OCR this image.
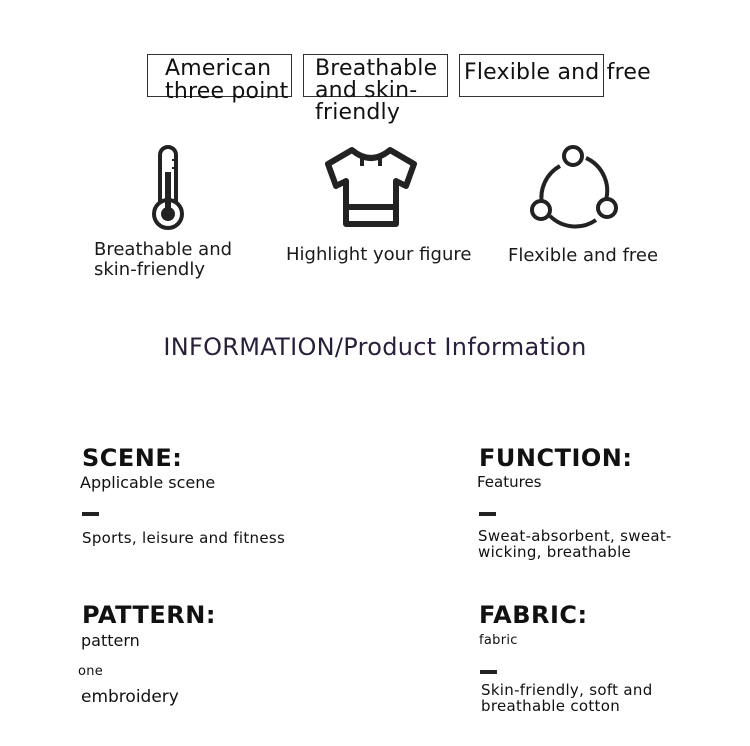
American
three point
Breathable
and skin-
friendly
Flexible and free
Breathable and
skin-friendly
Highlight your figure Flexible and free
INFORMATION/Product Information
SCENE:
Applicable scene
Sports, leisure and fitness
FUNCTION:
Features
Sweat-absorbent, sweat-
wicking, breathable
PATTERN:
pattern
one
embroidery
FABRIC:
fabric
Skin-friendly, soft and
breathable cotton
